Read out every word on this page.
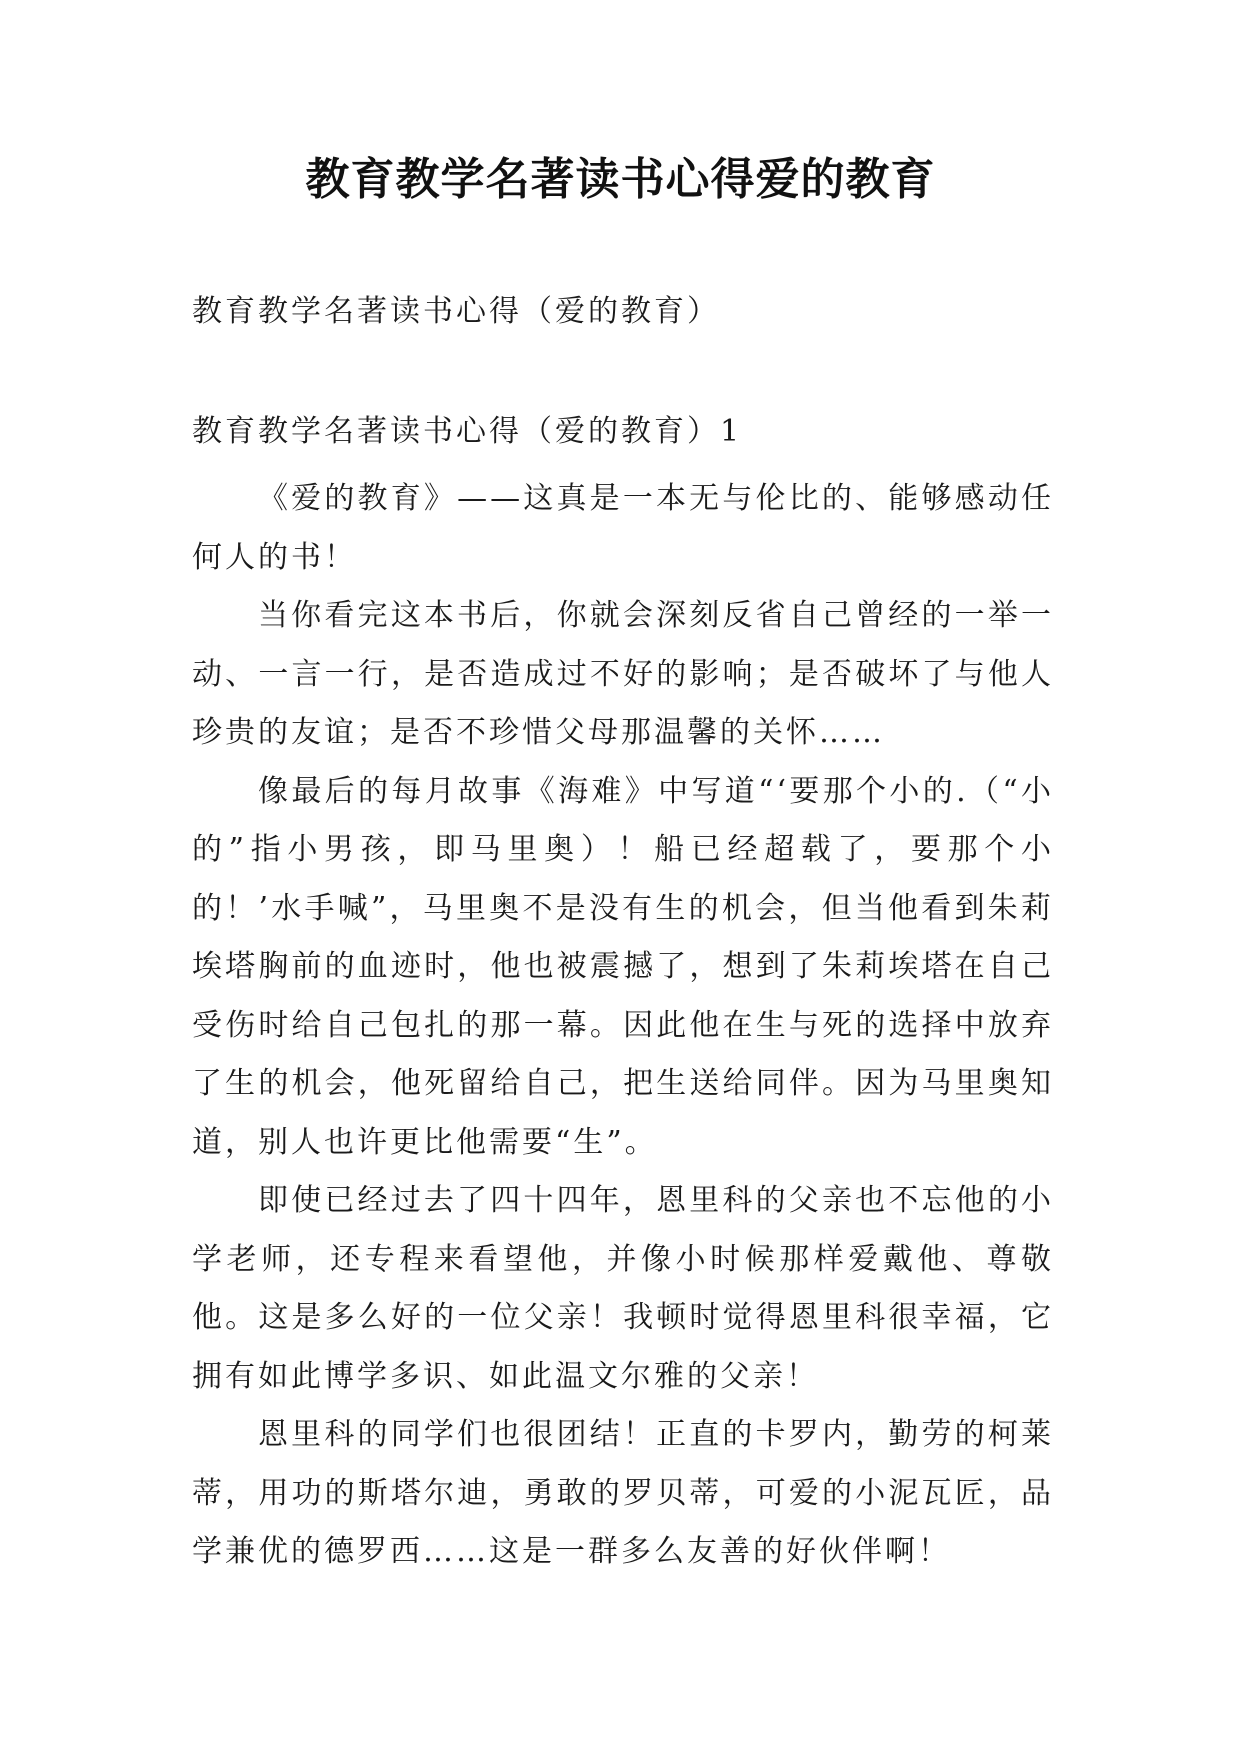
教育教学名著读书心得爱的教育

教育教学名著读书心得（爱的教育）

教育教学名著读书心得（爱的教育）1

《爱的教育》——这真是一本无与伦比的、能够感动任何人的书！

当你看完这本书后，你就会深刻反省自己曾经的一举一动、一言一行，是否造成过不好的影响；是否破坏了与他人珍贵的友谊；是否不珍惜父母那温馨的关怀……

像最后的每月故事《海难》中写道“‘要那个小的.（“小的”指小男孩，即马里奥）！船已经超载了，要那个小的！’水手喊”，马里奥不是没有生的机会，但当他看到朱莉埃塔胸前的血迹时，他也被震撼了，想到了朱莉埃塔在自己受伤时给自己包扎的那一幕。因此他在生与死的选择中放弃了生的机会，他死留给自己，把生送给同伴。因为马里奥知道，别人也许更比他需要“生”。

即使已经过去了四十四年，恩里科的父亲也不忘他的小学老师，还专程来看望他，并像小时候那样爱戴他、尊敬他。这是多么好的一位父亲！我顿时觉得恩里科很幸福，它拥有如此博学多识、如此温文尔雅的父亲！

恩里科的同学们也很团结！正直的卡罗内，勤劳的柯莱蒂，用功的斯塔尔迪，勇敢的罗贝蒂，可爱的小泥瓦匠，品学兼优的德罗西……这是一群多么友善的好伙伴啊！
